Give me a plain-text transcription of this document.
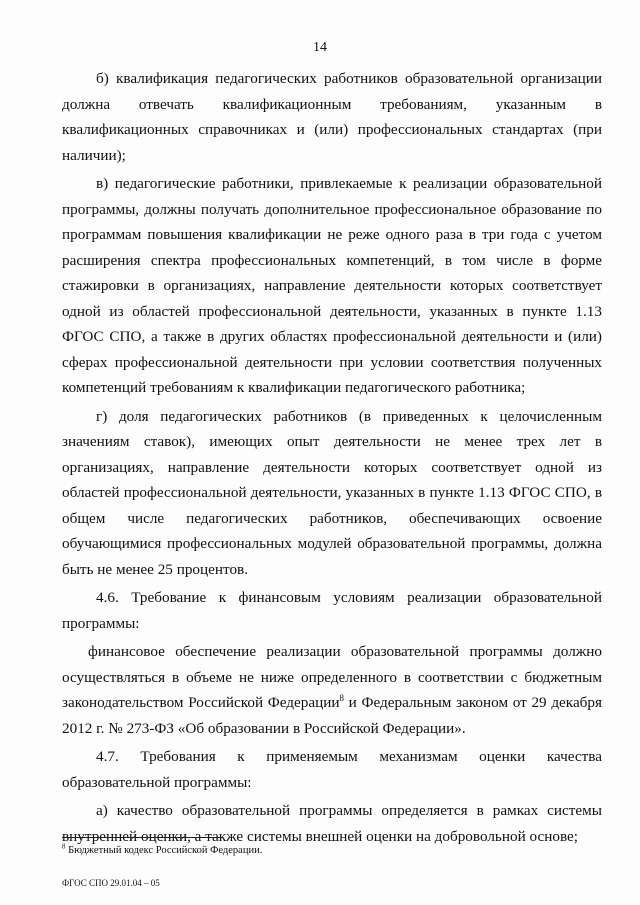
14

б) квалификация педагогических работников образовательной организации должна отвечать квалификационным требованиям, указанным в квалификационных справочниках и (или) профессиональных стандартах (при наличии);

в) педагогические работники, привлекаемые к реализации образовательной программы, должны получать дополнительное профессиональное образование по программам повышения квалификации не реже одного раза в три года с учетом расширения спектра профессиональных компетенций, в том числе в форме стажировки в организациях, направление деятельности которых соответствует одной из областей профессиональной деятельности, указанных в пункте 1.13 ФГОС СПО, а также в других областях профессиональной деятельности и (или) сферах профессиональной деятельности при условии соответствия полученных компетенций требованиям к квалификации педагогического работника;

г) доля педагогических работников (в приведенных к целочисленным значениям ставок), имеющих опыт деятельности не менее трех лет в организациях, направление деятельности которых соответствует одной из областей профессиональной деятельности, указанных в пункте 1.13 ФГОС СПО, в общем числе педагогических работников, обеспечивающих освоение обучающимися профессиональных модулей образовательной программы, должна быть не менее 25 процентов.

4.6. Требование к финансовым условиям реализации образовательной программы:

финансовое обеспечение реализации образовательной программы должно осуществляться в объеме не ниже определенного в соответствии с бюджетным законодательством Российской Федерации$^8$ и Федеральным законом от 29 декабря 2012 г. № 273-ФЗ «Об образовании в Российской Федерации».

4.7. Требования к применяемым механизмам оценки качества образовательной программы:

а) качество образовательной программы определяется в рамках системы внутренней оценки, а также системы внешней оценки на добровольной основе;

$^8$ Бюджетный кодекс Российской Федерации.
ФГОС СПО 29.01.04 – 05
